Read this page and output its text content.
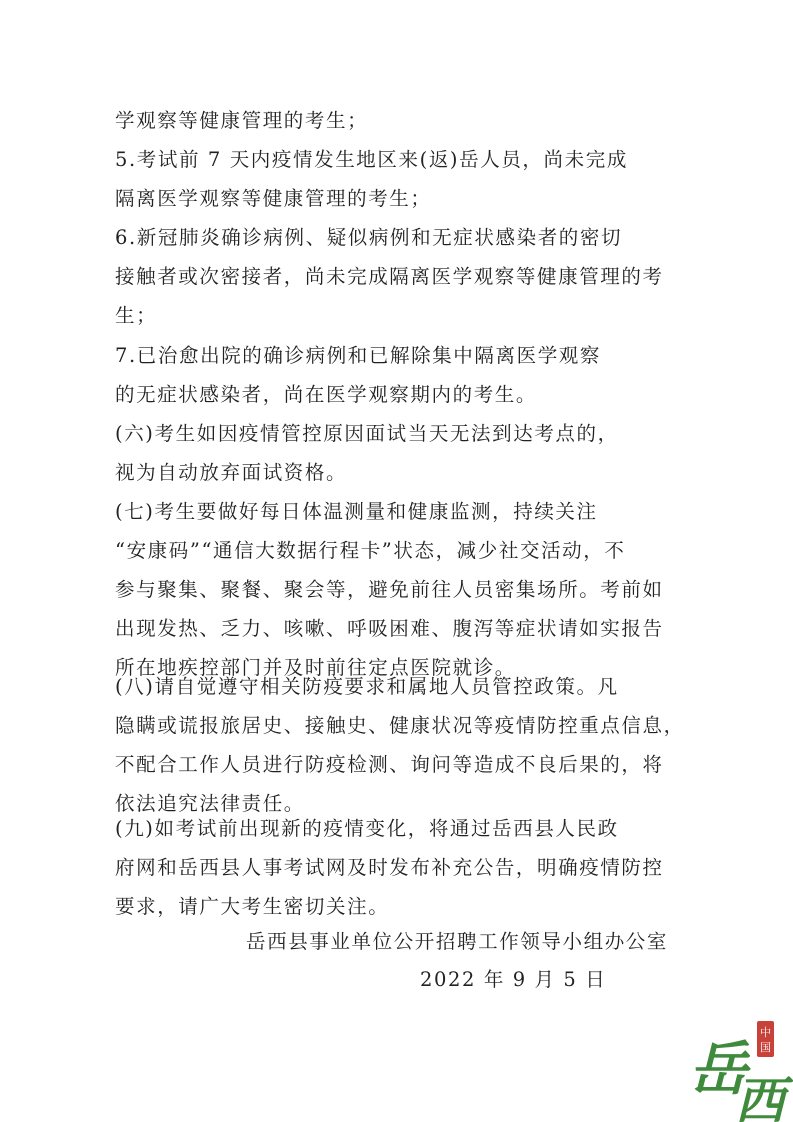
学观察等健康管理的考生；
5.考试前 7 天内疫情发生地区来(返)岳人员，尚未完成
隔离医学观察等健康管理的考生；
6.新冠肺炎确诊病例、疑似病例和无症状感染者的密切
接触者或次密接者，尚未完成隔离医学观察等健康管理的考
生；
7.已治愈出院的确诊病例和已解除集中隔离医学观察
的无症状感染者，尚在医学观察期内的考生。
(六)考生如因疫情管控原因面试当天无法到达考点的，
视为自动放弃面试资格。
(七)考生要做好每日体温测量和健康监测，持续关注
“安康码”“通信大数据行程卡”状态，减少社交活动，不
参与聚集、聚餐、聚会等，避免前往人员密集场所。考前如
出现发热、乏力、咳嗽、呼吸困难、腹泻等症状请如实报告
所在地疾控部门并及时前往定点医院就诊。
(八)请自觉遵守相关防疫要求和属地人员管控政策。凡
隐瞒或谎报旅居史、接触史、健康状况等疫情防控重点信息，
不配合工作人员进行防疫检测、询问等造成不良后果的，将
依法追究法律责任。
(九)如考试前出现新的疫情变化，将通过岳西县人民政
府网和岳西县人事考试网及时发布补充公告，明确疫情防控
要求，请广大考生密切关注。
岳西县事业单位公开招聘工作领导小组办公室
2022 年 9 月 5 日
岳
西
中
国
